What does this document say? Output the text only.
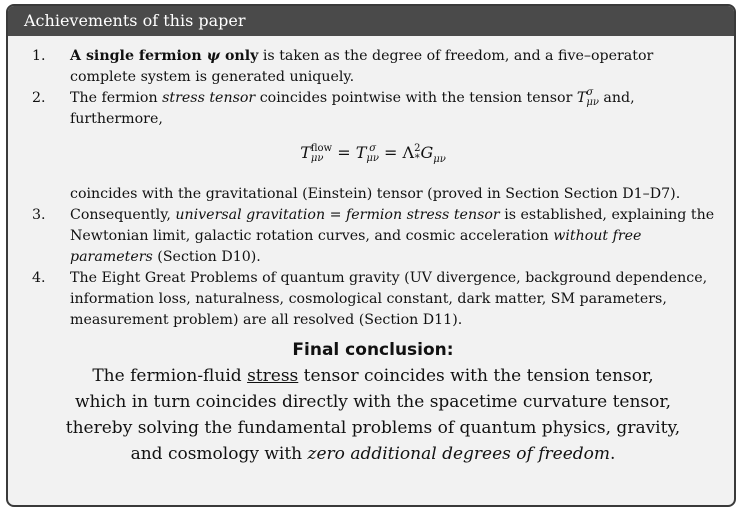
Achievements of this paper
1.	A single fermion ψ only is taken as the degree of freedom, and a five–operator complete system is generated uniquely.
2.	The fermion stress tensor coincides pointwise with the tension tensor T σ
μν and, furthermore,
T flow
μν = T σ
μν = Λ 2
* $G_{\mu\nu}$
coincides with the gravitational (Einstein) tensor (proved in Section Section D1–D7).
3.	Consequently, universal gravitation = fermion stress tensor is established, explaining the Newtonian limit, galactic rotation curves, and cosmic acceleration without free parameters (Section D10).
4.	The Eight Great Problems of quantum gravity (UV divergence, background dependence, information loss, naturalness, cosmological constant, dark matter, SM parameters, measurement problem) are all resolved (Section D11).
Final conclusion:
The fermion-fluid stress tensor coincides with the tension tensor,
which in turn coincides directly with the spacetime curvature tensor,
thereby solving the fundamental problems of quantum physics, gravity,
and cosmology with zero additional degrees of freedom.
